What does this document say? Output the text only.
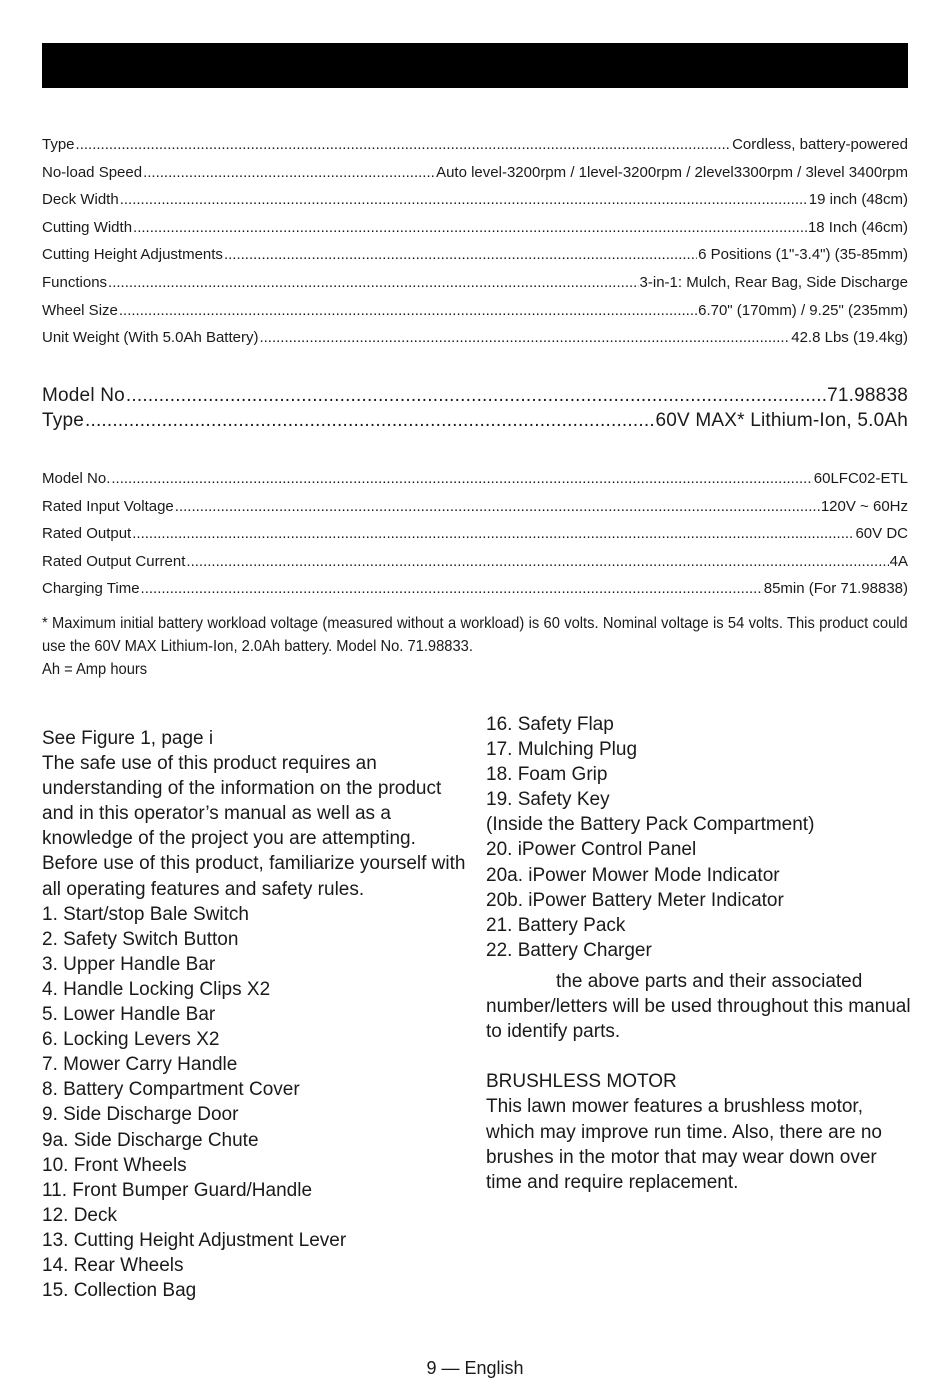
Type .....	Cordless, battery-powered
No-load Speed .....	Auto level-3200rpm / 1level-3200rpm / 2level3300rpm / 3level 3400rpm
Deck Width .....	19 inch (48cm)
Cutting Width .....	18 Inch (46cm)
Cutting Height Adjustments .....	6 Positions (1"-3.4") (35-85mm)
Functions .....	3-in-1: Mulch, Rear Bag, Side Discharge
Wheel Size .....	6.70" (170mm) / 9.25" (235mm)
Unit Weight (With 5.0Ah Battery) .....	42.8 Lbs (19.4kg)
Model No .....	71.98838
Type .....	60V MAX* Lithium-Ion, 5.0Ah
Model No. .....	60LFC02-ETL
Rated Input Voltage .....	120V ~ 60Hz
Rated Output .....	60V DC
Rated Output Current .....	4A
Charging Time .....	85min (For 71.98838)

* Maximum initial battery workload voltage (measured without a workload) is 60 volts. Nominal voltage is 54 volts. This product could use the 60V MAX Lithium-Ion, 2.0Ah battery. Model No. 71.98833.

Ah = Amp hours

See Figure 1, page i

The safe use of this product requires an understanding of the information on the product and in this operator’s manual as well as a knowledge of the project you are attempting. Before use of this product, familiarize yourself with all operating features and safety rules.

1. Start/stop Bale Switch

2. Safety Switch Button

3. Upper Handle Bar

4. Handle Locking Clips X2

5. Lower Handle Bar

6. Locking Levers X2

7. Mower Carry Handle

8. Battery Compartment Cover

9. Side Discharge Door

9a. Side Discharge Chute

10. Front Wheels

11. Front Bumper Guard/Handle

12. Deck

13. Cutting Height Adjustment Lever

14. Rear Wheels

15. Collection Bag

16. Safety Flap

17. Mulching Plug

18. Foam Grip

19. Safety Key

(Inside the Battery Pack Compartment)

20. iPower Control Panel

20a. iPower Mower Mode Indicator

20b. iPower Battery Meter Indicator

21. Battery Pack

22. Battery Charger

the above parts and their associated number/letters will be used throughout this manual to identify parts.

BRUSHLESS MOTOR

This lawn mower features a brushless motor, which may improve run time. Also, there are no brushes in the motor that may wear down over time and require replacement.

9 — English
